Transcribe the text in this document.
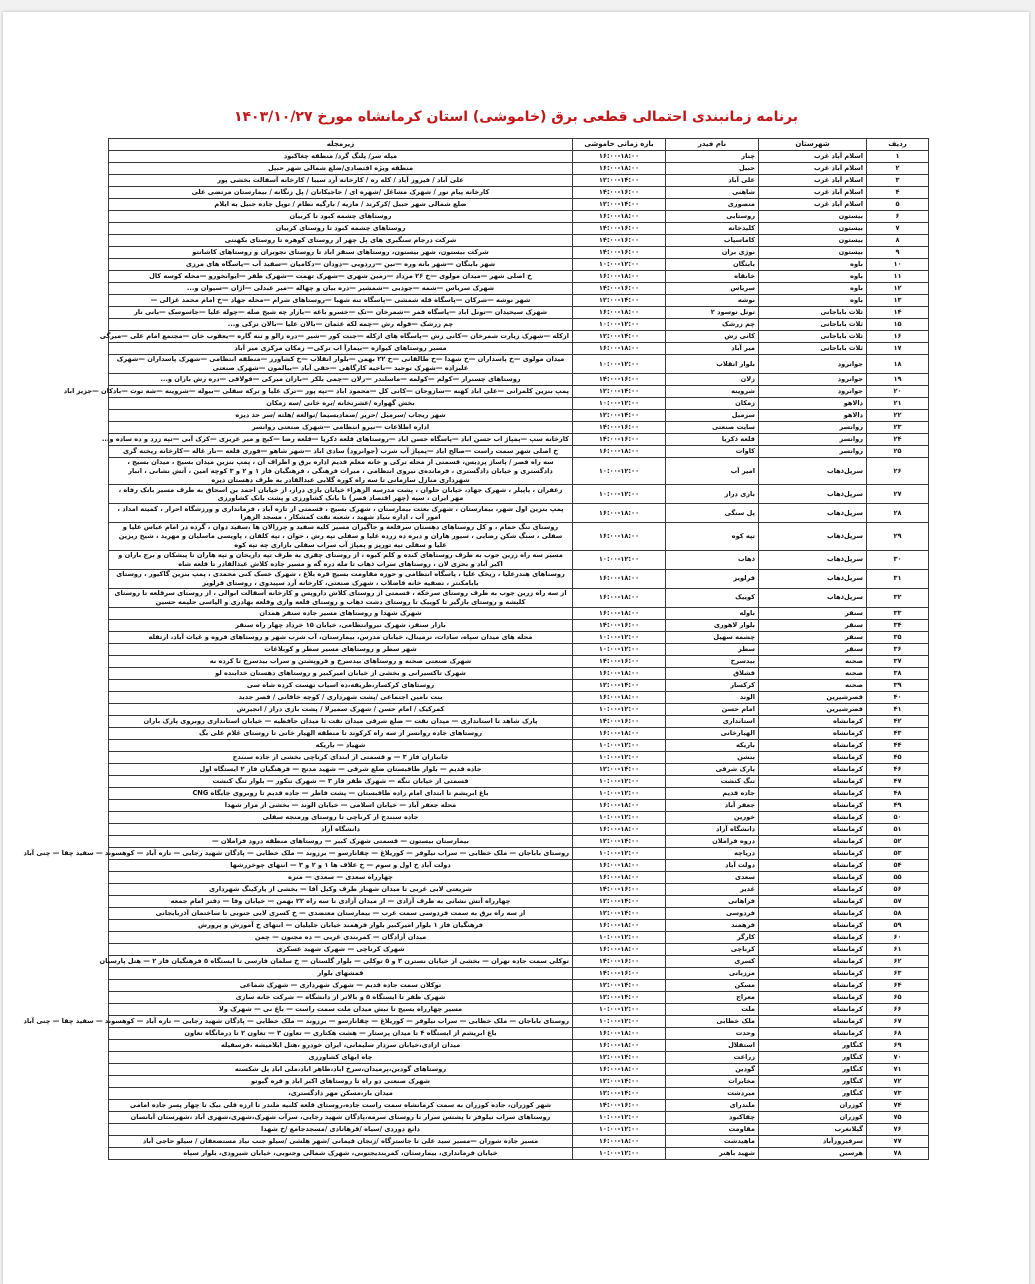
برنامه زمانبندی احتمالی قطعی برق (خاموشی) استان کرمانشاه مورخ ۱۴۰۳/۱۰/۲۷
ردیف	شهرستان	نام فیدر	بازه زمانی خاموشی	زیرمجله
۱	اسلام آباد غرب	چنار	۱۶:۰۰-۱۸:۰۰	میله سر/ پلنگ گرد/ منطقه چغاکبود
۲	اسلام آباد غرب	حبیل	۱۶:۰۰-۱۸:۰۰	منطقه ویژه اقتصادی/ضلع شمالی شهر حبیل
۳	اسلام آباد غرب	علی آباد	۱۲:۰۰-۱۴:۰۰	علی آباد / فیروز آباد / کله ره / کارخانه آرد سیبا / کارخانه آسفالت بخشی پور
۴	اسلام آباد غرب	شاهنی	۱۴:۰۰-۱۶:۰۰	کارخانه پیام نور / شهرک مشاغل /شهره ای / حاجیکانان / پل زنگانه / بیمارستان مرتضی علی
۵	اسلام آباد غرب	منصوری	۱۲:۰۰-۱۴:۰۰	ضلع شمالی شهر حبیل /کرکرند / مازیه / بارگیه نظام / توپل جاده حبیل به ایلام
۶	بیستون	روستایی	۱۶:۰۰-۱۸:۰۰	روستاهای چشمه کبود تا کربیان
۷	بیستون	کلیدخانه	۱۴:۰۰-۱۶:۰۰	روستاهای چشمه کبود تا روستای کربیان
۸	بیستون	کاماسیاب	۱۴:۰۰-۱۶:۰۰	شرکت درجام سنگبری های پل چهر از روستای کوهره تا روستای بکهنتی
۹	بیستون	نوژی بران	۱۴:۰۰-۱۶:۰۰	شرکت بیستون، شهر بیستون، روستاهای سنقر اباد تا روستای نجوبران و روستاهای کاشانتو
۱۰	باوه	بابنگان	۱۰:۰۰-۱۲:۰۰	شهر بابنگان —شهر بانه وره —نین —زردویی —دودان —دکامیان —سفید آب —پاسگاه های مرزی
۱۱	باوه	خانقاه	۱۶:۰۰-۱۸:۰۰	خ اصلی شهر —میدان مولوی —خ ۲۶ مرداد —زمین شهری —شهرک تهمت —شهرک ظفر —ایوانخورو —محله کوسه کال
۱۲	باوه	سرباس	۱۴:۰۰-۱۶:۰۰	شهرک سرباس —شمه —جودیی —شمشیر —دره بیان و چهاله —میر عبدلی —اژان —سیوان و...
۱۳	باوه	نوشه	۱۲:۰۰-۱۴:۰۰	شهر نوشه —شرکان —پاسگاه قله شمشی —پاسگاه تنه شهبا —روستاهای شرام —محله جهاد —خ امام محمد غزالی —
۱۴	ثلاث باباجانی	تونل نوسود ۲	۱۶:۰۰-۱۸:۰۰	شهرک سیحیدان —تونل اباد —پاسگاه قمر —شمرخان —تک —خسرو باغه —بازار چه شیخ صله —چوله علیا —جاسوسک —بانی نار
۱۵	ثلاث باباجانی	چم زرشک	۱۰:۰۰-۱۲:۰۰	چم زرشک —قوله رش —چمه لکه عثمان —بالان علیا —بالان ترکی و...
۱۶	ثلاث باباجانی	کانی زش	۱۲:۰۰-۱۴:۰۰	ازکله —شهرک زیارت شمرخان —کانی زش —پاسگاه های ازکله —جنت کور —شیر —دره زالو و تنه گاره —یعقوب خان —مجتمع امام علی —میرگی
۱۷	ثلاث باباجانی	میر آباد	۱۶:۰۰-۱۸:۰۰	مسیر روستاهای کیوازه —بیمارآ اب ترکی— زمکان مرکزی میر آباد
۱۸	جوانرود	بلوار انقلاب	۱۰:۰۰-۱۲:۰۰	میدان مولوی —خ پاسداران —خ شهدا —خ طالقانی —خ ۲۲ بهمن —بلوار انقلاب —خ کشاورز —منطقه انتظامی —شهرک پاسداران —شهرک علیزاده —شهرک توحید —ناحیه کارگاهی —حقی آباد —بیالمون —شهرک صنعتی
۱۹	جوانرود	زلان	۱۴:۰۰-۱۶:۰۰	روستاهای چسنرار —کولم —کولمه —ماسلندر —زلان —چمی بلکر —بازان میرکی —قولاقی —دره رش بازان و...
۲۰	جوانرود	شروینه	۱۲:۰۰-۱۴:۰۰	پمپ بنزین کلمرانی —علی اباد کهنه —سازوحان —کانی کل —محمود اباد —تپه پور —ترک علیا و ترکه سفلی —بیوله —شروینه —شه توت —بادکان —جزیز اباد
۲۱	دالاهو	زمکان	۱۰:۰۰-۱۲:۰۰	بخش گهواره /عشرتخانه /بره خانی /سه زمکان
۲۲	دالاهو	سرمیل	۱۲:۰۰-۱۴:۰۰	شهر ریجاب /سرمیل /حریر /صمادیسیما /نوالعه /هلته /سر حد دیزه
۲۳	روانسر	سایت صنعتی	۱۴:۰۰-۱۶:۰۰	اداره اطلاعات —نیرو انتظامی —شهرک صنعتی روانسر
۲۴	روانسر	قلعه ذکریا	۱۴:۰۰-۱۶:۰۰	کارخانه سپ —پمپاژ اب حسن اباد —پاسگاه حسن اباد —روستاهای قلعه ذکریا —قلعه رضا —کیج و میر عزیزی —کرک آبی —تپه زرد و ده ساده و...
۲۵	روانسر	کاوات	۱۶:۰۰-۱۸:۰۰	خ اصلی شهر سمت راست —صالح اباد —پمپاژ آب شرب (جوانرود) سادی اباد —شهر شاهو —قوری قلعه —نار غاله —کارخانه ریخته گری
۲۶	سرپل‌ذهاب	امیر آب	۱۰:۰۰-۱۲:۰۰	سه راه قصر / پاساژ پردیس، قسمتی از محله ترکی و خانه معلم قدیم اداره برق و اطراف آن ، پمپ بنزین میدان بسیج ، میدان بسیج ، دادگستری و خیابان دادگستری ، فرمانده‌ی نیروی انتظامی ، میراث فرهنگی ، فرهنگیان فاز ۱ و ۲ و ۳ کوچه امین ، آتش نشانی ، انبار شهرداری منازل سازمانی تا سه راه کوره گلابی عبدالقادر به طرف دهستان دیره
۲۷	سرپل‌ذهاب	بازی دراز	۱۰:۰۰-۱۲:۰۰	زعفران ، پاپیلر ، شهرک جهاد، خیابان حلوان ، پشت مدرسه الزهراء خیابان بازی دراز، از خیابان احمد بن اسحاق به طرف مسیر بانک رفاه ، مهر ایران ، سپه (چهر اقتصاد قصر) تا بانک کشاورزی و پشت بانک کشاورزی
۲۸	سرپل‌ذهاب	پل سنگی	۱۶:۰۰-۱۸:۰۰	پمپ بنزین اول شهر، بیمارستان ، شهرک بعثت بیمارستان ، شهرک بسیج ، قسمتی از تازه آباد ، فرمانداری و ورزشگاه احرار ، کمیته امداد ، امور آب ، اداره بنیاد شهید ، شعبه نفت کمشکار ، مسجد الزهرا
۲۹	سرپل‌ذهاب	تپه کوه	۱۶:۰۰-۱۸:۰۰	روستای تنگ حمام ، و کل روستاهای دهستان سرقلعه و جاگیران مسیر کلیه سفید و چرزالان ها ،سفید دوان ، گرده در امام عباس علیا و سفلی ، سنگ شکن رضایی ، سیور هاران و دیره ده زرده علیا و سفلی تپه رش ، حوان ، تپه کلفان ، پاویسی ماسلیان و مهرید ، شیخ ریزین علیا و سفلی تپه تورپز و پمپاژ آب سراب سفلی بازاری چه تپه کوه
۳۰	سرپل‌ذهاب	ذهاب	۱۰:۰۰-۱۲:۰۰	مسیر سه راه زرین جوب به طرف روستاهای کنده و کلم کبوه ، از روستای چقری به طرف تپه داریخان و تپه هاران تا پیشکان و برج باران و اکبر آباد و بحری لان ، روستاهای سراب ذهاب تا مله دره گه و مسیر جاده کلاش عبدالقادر تا قلعه شاه
۳۱	سرپل‌ذهاب	قرلویز	۱۶:۰۰-۱۸:۰۰	روستاهای هندرعلیا ، ریخک علیا ، پاسگاه انتظامی و حوزه مقاومت بسیج قره بلاغ ، شهرک خسک کنی محمدی ، پمپ بنزین گاکیور ، روستای بابامکنتر ، تصفیه خانه فاضلاب ، شهرک صنعتی، کارخانه آرد سپیدوی ، روستای قرلویز
۳۲	سرپل‌ذهاب	کوییک	۱۶:۰۰-۱۸:۰۰	از سه راه زرین جوب به طرف روستای سرخکه ، قسمتی از روستای کلاش داروپس و کارخانه آسفالت ابوالی ، از روستای سرقلعه تا روستای کلیشه و روستای بازگیر تا کوییک تا روستای دشت ذهاب و روستای قلعه وازی وقلعه بهادری و الیاسی حلیمه حسین
۳۳	سنقر	باوله	۱۶:۰۰-۱۸:۰۰	شهرک شهدا و روستاهای مسیر جاده سنقر همدان
۳۴	سنقر	بلوار لاهوری	۱۴:۰۰-۱۶:۰۰	بازار سنقر، شهرک نیروانتظامی، خیابان ۱۵ خرداد چهار راه سنقر
۳۵	سنقر	چشمه سهیل	۱۰:۰۰-۱۲:۰۰	محله های میدان سپاه، سادات، ترمینال، خیابان مدرس، بیمارستان، آب شرب شهر و روستاهای فروه و غیاث آباد، ازتفله
۳۶	سنقر	سطر	۱۰:۰۰-۱۲:۰۰	شهر سطر و روستاهای مسیر سطر و کوبلاغات
۳۷	صحنه	بیدسرخ	۱۴:۰۰-۱۶:۰۰	شهرک صنعتی صحنه و روستاهای بیدسرخ و فروپشتن و سراب بیدسرخ تا کرده نه
۳۸	صحنه	قشلاق	۱۶:۰۰-۱۸:۰۰	شهرک تاکسیرانی و بخشی از خیابان امیرکبیر و روستاهای دهستان خدابنده لو
۳۹	صحنه	کرکسار	۱۲:۰۰-۱۴:۰۰	روستاهای کرکسار،طریقه،ده اسیاب تهست کرده شاه سی
۴۰	قصرشیرین	الوند	۱۶:۰۰-۱۸:۰۰	بنت نامین اجتماعی /پشت شهرداری / کوچه خاقانی / قصر جدید
۴۱	قصرشیرین	امام حسن	۱۰:۰۰-۱۲:۰۰	کمرکیک / امام حسن / شهرک سمیرلا / پشت بازی دراز / انجیرش
۴۲	کرمانشاه	استانداری	۱۴:۰۰-۱۶:۰۰	پارک شاهد تا استانداری — میدان نفت — ضلع شرقی میدان نفت تا میدان حافظیه — خیابان استانداری روبروی پارک باران
۴۳	کرمانشاه	الهیارخانی	۱۶:۰۰-۱۸:۰۰	روستاهای جاده روانسر از سه راه کرکوند تا منطقه الهیار خانی تا روستای غلام علی بگ
۴۴	کرمانشاه	باریکه	۱۰:۰۰-۱۲:۰۰	شهیاد — باریکه
۴۵	کرمانشاه	بنشن	۱۰:۰۰-۱۲:۰۰	جانبازان فاز ۳ — و قسمتی از ابتدای کرناچی بخشی از جاده سنندج
۴۶	کرمانشاه	پارک شرقی	۱۲:۰۰-۱۴:۰۰	جاده قدیم — بلوار طاقبستان ضلع شرقی — شهید مدنج — فرهنگیان فاز ۲ ایستگاه اول
۴۷	کرمانشاه	تنگ کنشت	۱۰:۰۰-۱۲:۰۰	قسمتی از خیابان تنگه — شهرک ظفر فاز ۳ — شهرک تنکور — بلوار تنگ کنشت
۴۸	کرمانشاه	جاده قدیم	۱۰:۰۰-۱۲:۰۰	باغ ابریشم تا ابتدای امام زاده طاقبستان — پشت فاطر — جاده قدیم تا روبروی جایگاه CNG
۴۹	کرمانشاه	جعفر آباد	۱۶:۰۰-۱۸:۰۰	محله جعفر آباد — خیابان اسلامی — خیابان الوند — بخشی از مزار شهدا
۵۰	کرمانشاه	خورین	۱۰:۰۰-۱۲:۰۰	جاده سنندج از کرناچی تا روستای ورمنجه سفلی
۵۱	کرمانشاه	دانشگاه آزاد	۱۶:۰۰-۱۸:۰۰	دانشگاه آزاد
۵۲	کرمانشاه	دروه فراملان	۱۲:۰۰-۱۴:۰۰	بیمارستان بیستون — قسمتی شهرک کبیر — روستاهای منطقه درود فراملان —
۵۳	کرمانشاه	دریاچه	۱۰:۰۰-۱۲:۰۰	روستای باباجان — ملک خطابی — سراب نیلوفر — کوریلاغ — چقانارسو — برزوند — ملک خطابی — پادگان شهید رجایی — تازه آباد — کوهسوند — سفید چقا — چنی آباد
۵۴	کرمانشاه	دولت آباد	۱۶:۰۰-۱۸:۰۰	دولت آباد خ اول و سوم — خ علاف ها ۱ و ۲ و ۳ — انتهای چوخزرشها
۵۵	کرمانشاه	سعدی	۱۶:۰۰-۱۸:۰۰	چهارراه سعدی — سعدی — منزه
۵۶	کرمانشاه	غدیر	۱۴:۰۰-۱۶:۰۰	شریعتی لابی غربی تا میدان شهناز طرف وکیل آقا — بخشی از پارکینگ شهرداری
۵۷	کرمانشاه	فراهانی	۱۲:۰۰-۱۴:۰۰	چهارراه آتش نشانی به طرف آزادی — از میدان آزادی تا سه راه ۲۲ بهمن — خیابان وفا — دفتر امام جمعه
۵۸	کرمانشاه	فردوسی	۱۲:۰۰-۱۴:۰۰	از سه راه برق به سمت فردوسی سمت غرب — بیمارستان معتضدی — خ کسری لابی جنوبی تا ساختمان آذربایجانی
۵۹	کرمانشاه	فرهمند	۱۶:۰۰-۱۸:۰۰	فرهنگیان فاز ۱ بلوار امیرکبیر بلوار فرهمند خیابان جلیلیان — انتهای خ آموزش و پرورش
۶۰	کرمانشاه	کارگر	۱۰:۰۰-۱۲:۰۰	میدان آزادگان — کمربندی غربی — ده مجنون — چمن
۶۱	کرمانشاه	کرناچی	۱۶:۰۰-۱۸:۰۰	شهرک کرناچی — شهرک شهید عسکری
۶۲	کرمانشاه	کسری	۱۴:۰۰-۱۶:۰۰	توکلی سمت جاده تهران — بخشی از خیابان نسترن ۳ و ۵ توکلی — بلوار گلستان — خ سلمان فارسی تا ایستگاه ۵ فرهنگیان فاز ۲ — هتل پارسیان
۶۳	کرمانشاه	مرزبانی	۱۴:۰۰-۱۶:۰۰	قمشهای بلوار
۶۴	کرمانشاه	مسکن	۱۲:۰۰-۱۴:۰۰	توکلان سمت جاده قدیم — شهرک شهرداری — شهرک شماعی
۶۵	کرمانشاه	معراج	۱۲:۰۰-۱۴:۰۰	شهرک ظفر تا ایستگاه ۵ و بالاتر از دانشگاه — شرکت خانه سازی
۶۶	کرمانشاه	ملت	۱۰:۰۰-۱۲:۰۰	مسیر چهارراه بسیج تا نبش میدان ملت سمت راست — باغ نی — شهرک ولا
۶۷	کرمانشاه	ملک خطابی	۱۰:۰۰-۱۲:۰۰	روستای باباجان — ملک خطابی — سراب نیلوفر — کوریلاغ — چقانارسو — برزوند — ملک خطابی — پادگان شهید رجایی — تازه آباد — کوهسوند — سفید چقا — چنی آباد
۶۸	کرمانشاه	وحدت	۱۶:۰۰-۱۸:۰۰	باغ ابریشم از ایستگاه ۴ تا میدان پرستار — هشت هکتاری — تعاون ۳ — تعاون ۲ تا درمانگاه تعاون
۶۹	کنگاور	استقلال	۱۶:۰۰-۱۸:۰۰	میدان ازادی،خیابان سردار سلیمانی، ایران خودرو ،هتل ایلامیشه ،فرسفیله
۷۰	کنگاور	زراعت	۱۲:۰۰-۱۴:۰۰	چاه ابهای کشاورزی
۷۱	کنگاور	گودین	۱۶:۰۰-۱۸:۰۰	روستاهای گودین،پرمیدان،سرخ اباد،طاهر اباد،ملی اباد پل شکسته
۷۲	کنگاور	مخابرات	۱۲:۰۰-۱۴:۰۰	شهرک صنعتی دو راه تا روستاهای اکبر اباد و قره گیوتو
۷۳	کنگاور	میردشت	۱۲:۰۰-۱۴:۰۰	میدان بار،مسکن مهر دادگستری،
۷۴	کوزران	ملندرای	۱۴:۰۰-۱۶:۰۰	شهر کوزران، جاده کوزران به سمت کرمانشاه سمت راست جاده،روستای قلعه کلنیه ملندر تا ارزه قلی نیک تا چهار پسر جاده امامی
۷۵	کوزران	چقاکبود	۱۰:۰۰-۱۲:۰۰	روستاهای سراب نیلوفر تا پشتس سرار تا روستای سرمه،پادگان شهید رجایی، سرآب شهرک،شهری،شهری آباد ،شهرستان آبانسان
۷۶	گیلانغرب	مقاومت	۱۰:۰۰-۱۲:۰۰	دانع دوردی /سیاه /قرهاتادی /مسجدجامع /خ شهدا
۷۷	سرفیروزآباد	ماهیدشت	۱۶:۰۰-۱۸:۰۰	مسیر جاده شوران —مسیر سید علی تا جاسترگاه /زنجان قیمانی /شهر هلشی /سیلو جنب نیاد مستضعفان / سیلو حاجی آباد
۷۸	هرسین	شهید باهنر	۱۰:۰۰-۱۲:۰۰	خیابان فرمانداری، بیمارستان، کمربندیجنوبی، شهرک شمالی وجنوبی، خیابان شیرودی، بلوار سپاه
